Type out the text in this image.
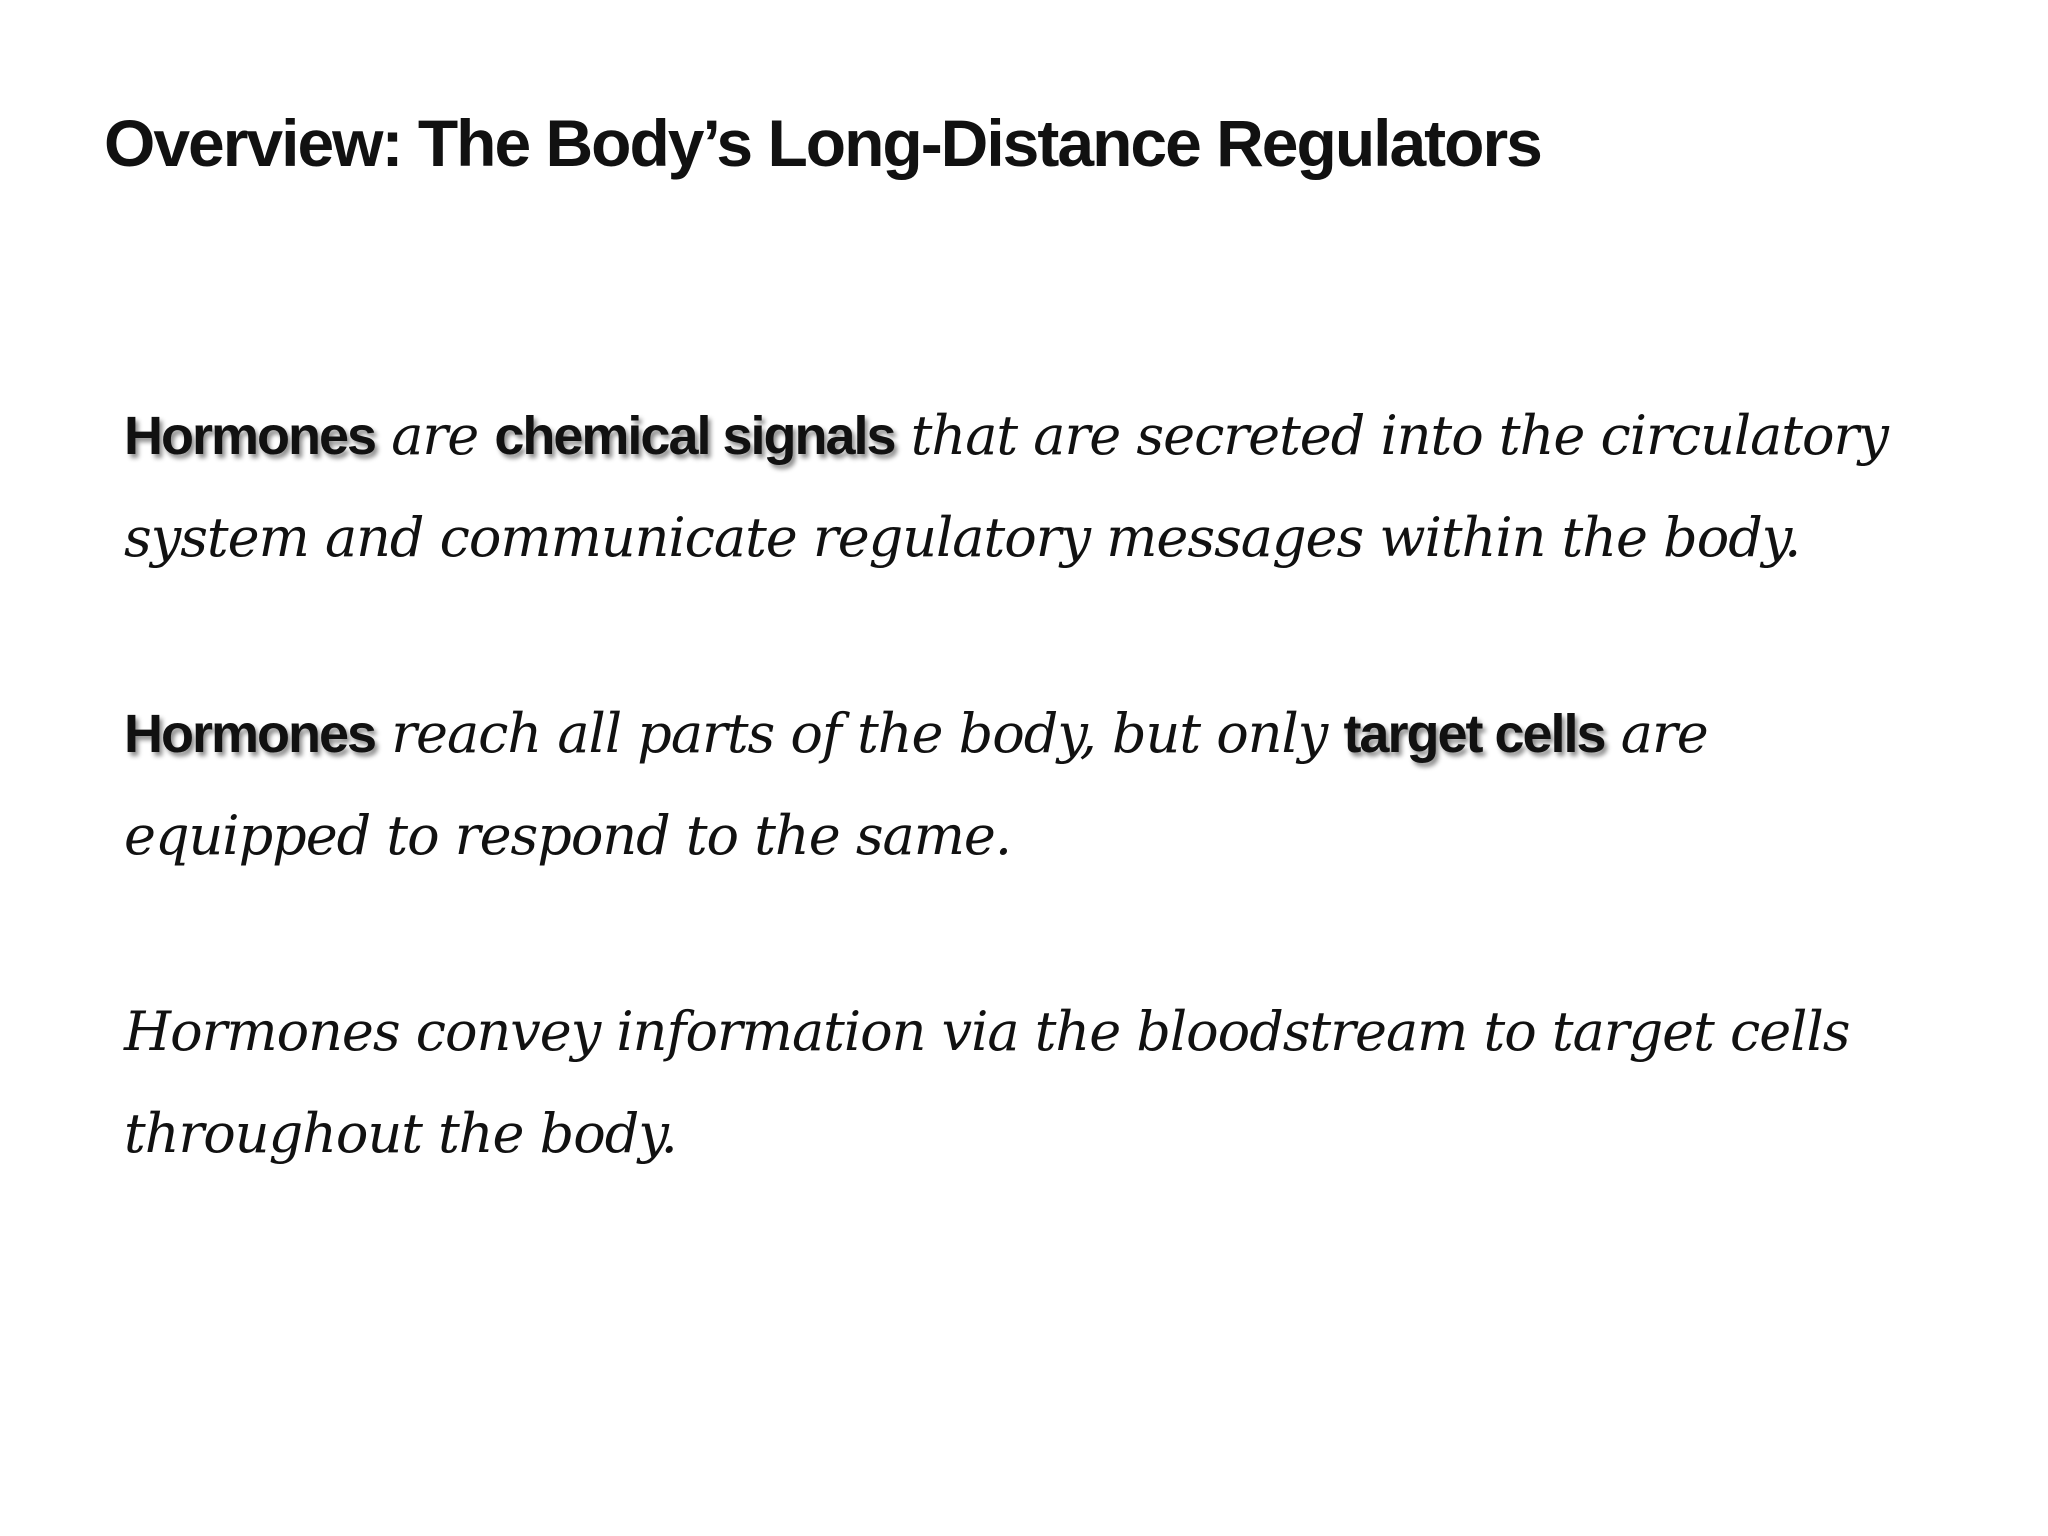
Overview: The Body’s Long-Distance Regulators

Hormones are chemical signals that are secreted into the circulatory system and communicate regulatory messages within the body.

Hormones reach all parts of the body, but only target cells are equipped to respond to the same.

Hormones convey information via the bloodstream to target cells throughout the body.
